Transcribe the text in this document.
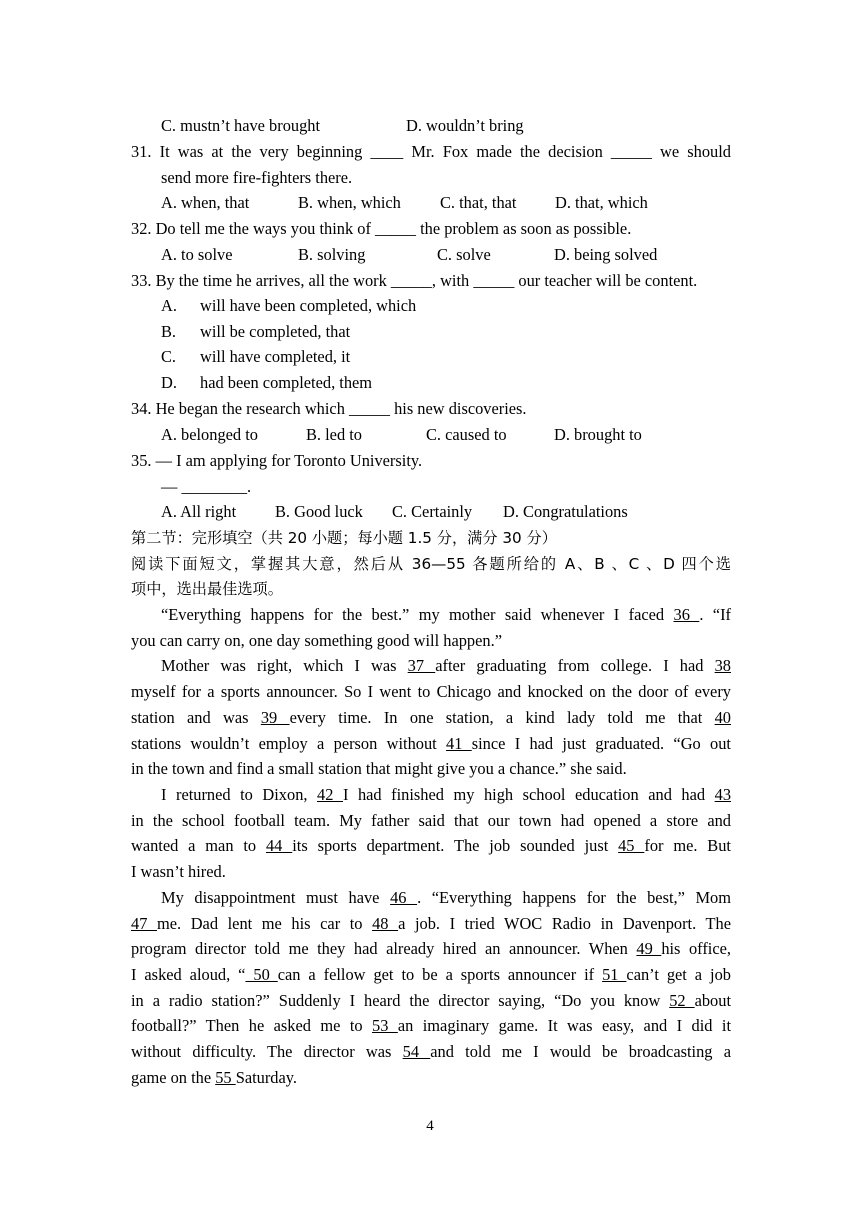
C. mustn’t have brought	D. wouldn’t bring
31. It was at the very beginning ____ Mr. Fox made the decision _____ we should
send more fire-fighters there.
A. when, that	B. when, which C. that, that D. that, which
32. Do tell me the ways you think of _____ the problem as soon as possible.
A. to solve	B. solving	C. solve	D. being solved
33. By the time he arrives, all the work _____, with _____ our teacher will be content.
A. will have been completed, which
B. will be completed, that
C. will have completed, it
D. had been completed, them
34. He began the research which _____ his new discoveries.
A. belonged to	B. led to	C. caused to	D. brought to
35. — I am applying for Toronto University.
— ________.
A. All right B. Good luck C. Certainly D. Congratulations
第二节：完形填空（共 20 小题；每小题 1.5 分，满分 30 分）
阅读下面短文，掌握其大意，然后从 36—55 各题所给的 A、B 、C 、D 四个选
项中，选出最佳选项。
“Everything happens for the best.” my mother said whenever I faced 36 . “If
you can carry on, one day something good will happen.”
Mother was right, which I was 37 after graduating from college. I had 38
myself for a sports announcer. So I went to Chicago and knocked on the door of every
station and was 39 every time. In one station, a kind lady told me that 40
stations wouldn’t employ a person without 41 since I had just graduated. “Go out
in the town and find a small station that might give you a chance.” she said.
I returned to Dixon, 42 I had finished my high school education and had 43
in the school football team. My father said that our town had opened a store and
wanted a man to 44 its sports department. The job sounded just 45 for me. But
I wasn’t hired.
My disappointment must have 46 . “Everything happens for the best,” Mom
47 me. Dad lent me his car to 48 a job. I tried WOC Radio in Davenport. The
program director told me they had already hired an announcer. When 49 his office,
I asked aloud, “ 50 can a fellow get to be a sports announcer if 51 can’t get a job
in a radio station?” Suddenly I heard the director saying, “Do you know 52 about
football?” Then he asked me to 53 an imaginary game. It was easy, and I did it
without difficulty. The director was 54 and told me I would be broadcasting a
game on the 55 Saturday.
4
